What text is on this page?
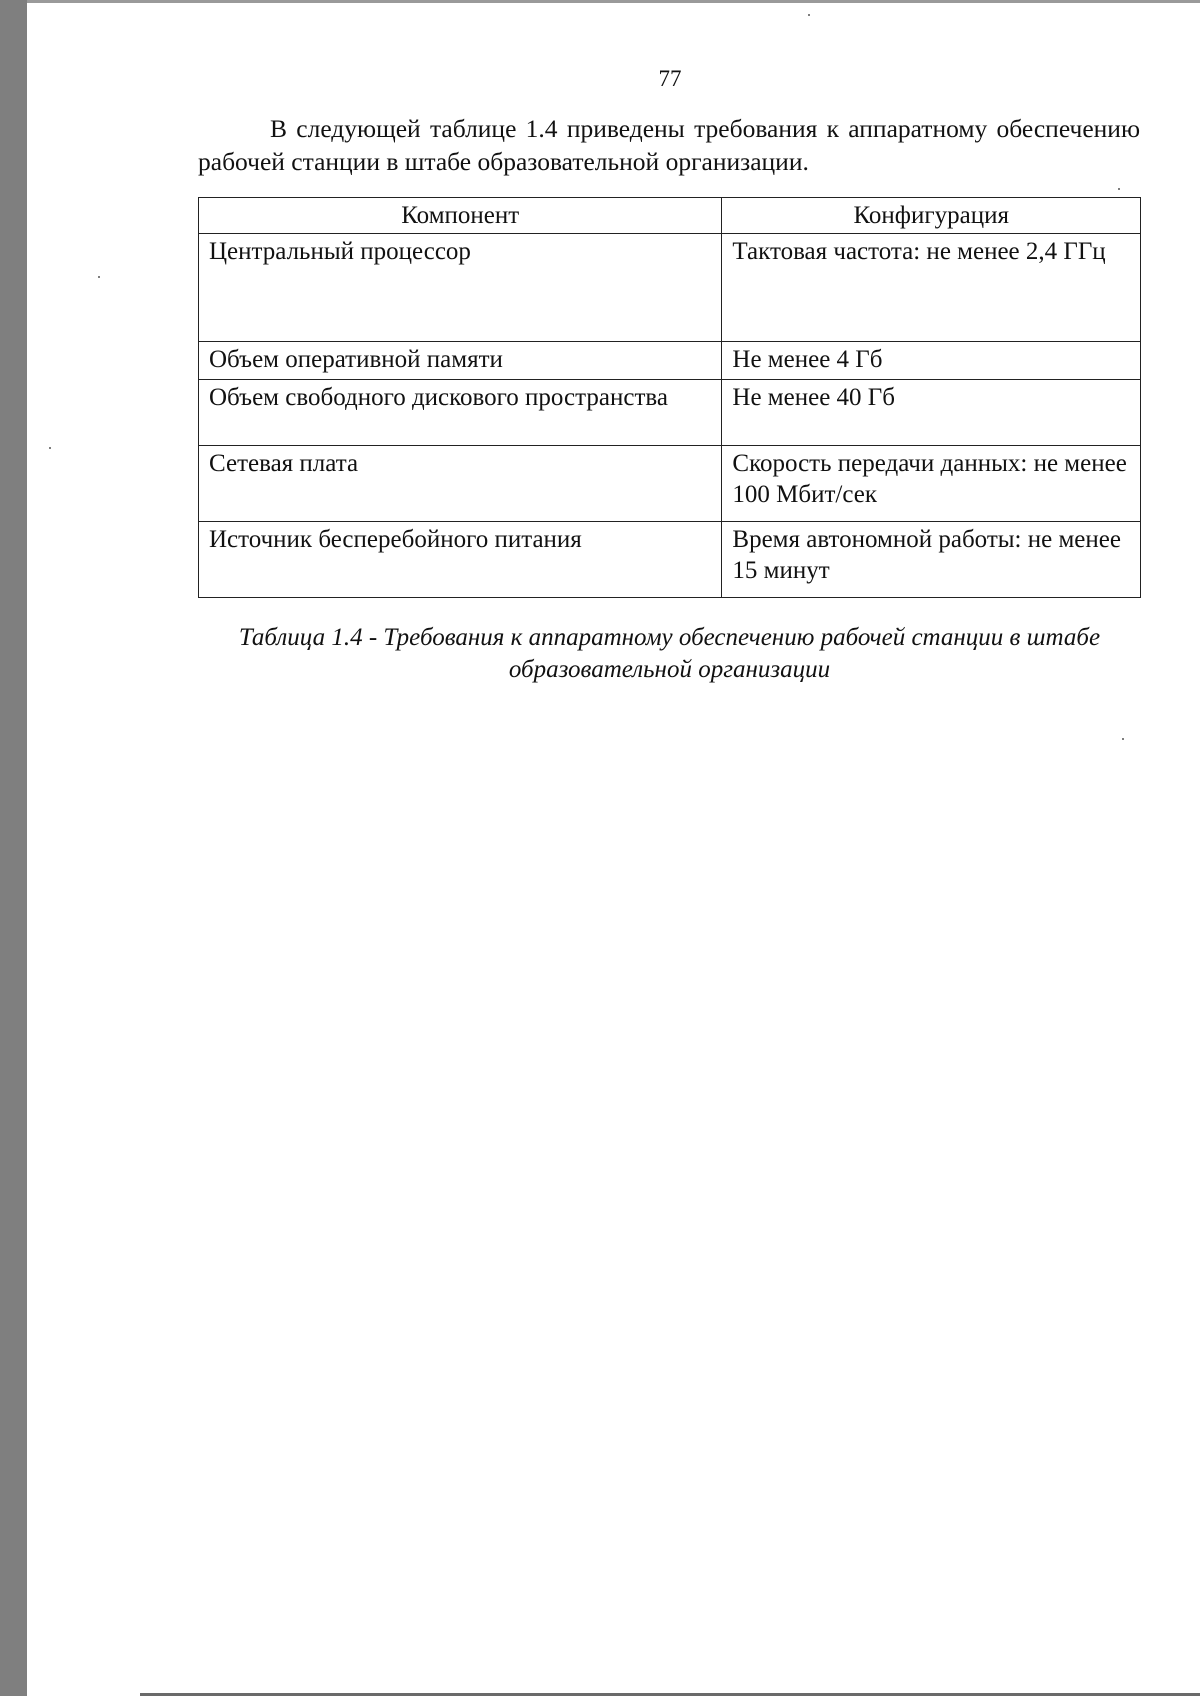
77

В следующей таблице 1.4 приведены требования к аппаратному обеспечению рабочей станции в штабе образовательной организации.

Компонент	Конфигурация
Центральный процессор	Тактовая частота: не менее 2,4 ГГц
Объем оперативной памяти	Не менее 4 Гб
Объем свободного дискового пространства	Не менее 40 Гб
Сетевая плата	Скорость передачи данных: не менее 100 Мбит/сек
Источник бесперебойного питания	Время автономной работы: не менее 15 минут

Таблица 1.4 - Требования к аппаратному обеспечению рабочей станции в штабе образовательной организации
